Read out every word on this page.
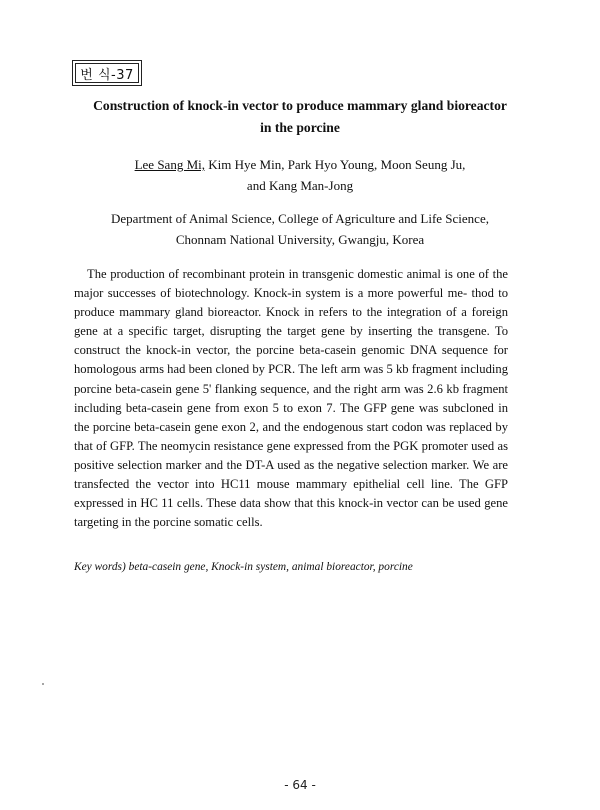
번 식-37
Construction of knock-in vector to produce mammary gland bioreactor
in the porcine

Lee Sang Mi, Kim Hye Min, Park Hyo Young, Moon Seung Ju,
and Kang Man-Jong

Department of Animal Science, College of Agriculture and Life Science,
Chonnam National University, Gwangju, Korea

The production of recombinant protein in transgenic domestic animal is one of the major successes of biotechnology. Knock-in system is a more powerful me- thod to produce mammary gland bioreactor. Knock in refers to the integration of a foreign gene at a specific target, disrupting the target gene by inserting the transgene. To construct the knock-in vector, the porcine beta-casein genomic DNA sequence for homologous arms had been cloned by PCR. The left arm was 5 kb fragment including porcine beta-casein gene 5' flanking sequence, and the right arm was 2.6 kb fragment including beta-casein gene from exon 5 to exon 7. The GFP gene was subcloned in the porcine beta-casein gene exon 2, and the endogenous start codon was replaced by that of GFP. The neomycin resistance gene expressed from the PGK promoter used as positive selection marker and the DT-A used as the negative selection marker. We are transfected the vector into HC11 mouse mammary epithelial cell line. The GFP expressed in HC 11 cells. These data show that this knock-in vector can be used gene targeting in the porcine somatic cells.

Key words) beta-casein gene, Knock-in system, animal bioreactor, porcine

- 64 -
